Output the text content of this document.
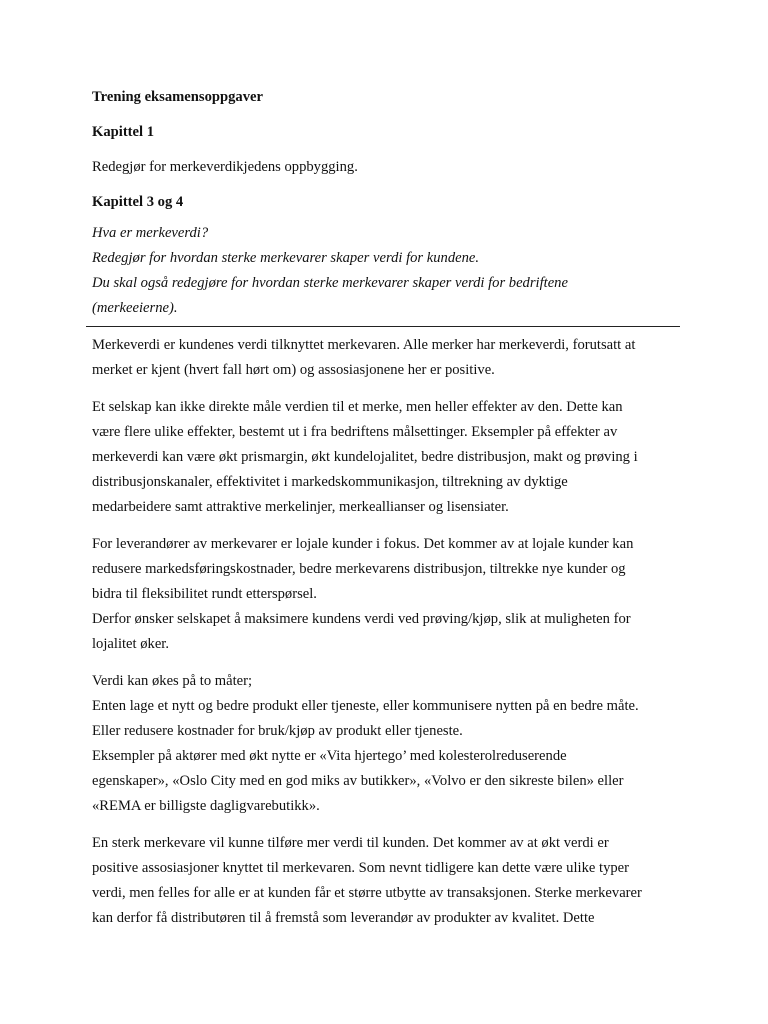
Trening eksamensoppgaver

Kapittel 1

Redegjør for merkeverdikjedens oppbygging.

Kapittel 3 og 4

Hva er merkeverdi?
Redegjør for hvordan sterke merkevarer skaper verdi for kundene.
Du skal også redegjøre for hvordan sterke merkevarer skaper verdi for bedriftene
(merkeeierne).
Merkeverdi er kundenes verdi tilknyttet merkevaren. Alle merker har merkeverdi, forutsatt at
merket er kjent (hvert fall hørt om) og assosiasjonene her er positive.
Et selskap kan ikke direkte måle verdien til et merke, men heller effekter av den. Dette kan
være flere ulike effekter, bestemt ut i fra bedriftens målsettinger. Eksempler på effekter av
merkeverdi kan være økt prismargin, økt kundelojalitet, bedre distribusjon, makt og prøving i
distribusjonskanaler, effektivitet i markedskommunikasjon, tiltrekning av dyktige
medarbeidere samt attraktive merkelinjer, merkeallianser og lisensiater.
For leverandører av merkevarer er lojale kunder i fokus. Det kommer av at lojale kunder kan
redusere markedsføringskostnader, bedre merkevarens distribusjon, tiltrekke nye kunder og
bidra til fleksibilitet rundt etterspørsel.
Derfor ønsker selskapet å maksimere kundens verdi ved prøving/kjøp, slik at muligheten for
lojalitet øker.
Verdi kan økes på to måter;
Enten lage et nytt og bedre produkt eller tjeneste, eller kommunisere nytten på en bedre måte.
Eller redusere kostnader for bruk/kjøp av produkt eller tjeneste.
Eksempler på aktører med økt nytte er «Vita hjertego’ med kolesterolreduserende
egenskaper», «Oslo City med en god miks av butikker», «Volvo er den sikreste bilen» eller
«REMA er billigste dagligvarebutikk».
En sterk merkevare vil kunne tilføre mer verdi til kunden. Det kommer av at økt verdi er
positive assosiasjoner knyttet til merkevaren. Som nevnt tidligere kan dette være ulike typer
verdi, men felles for alle er at kunden får et større utbytte av transaksjonen. Sterke merkevarer
kan derfor få distributøren til å fremstå som leverandør av produkter av kvalitet. Dette
